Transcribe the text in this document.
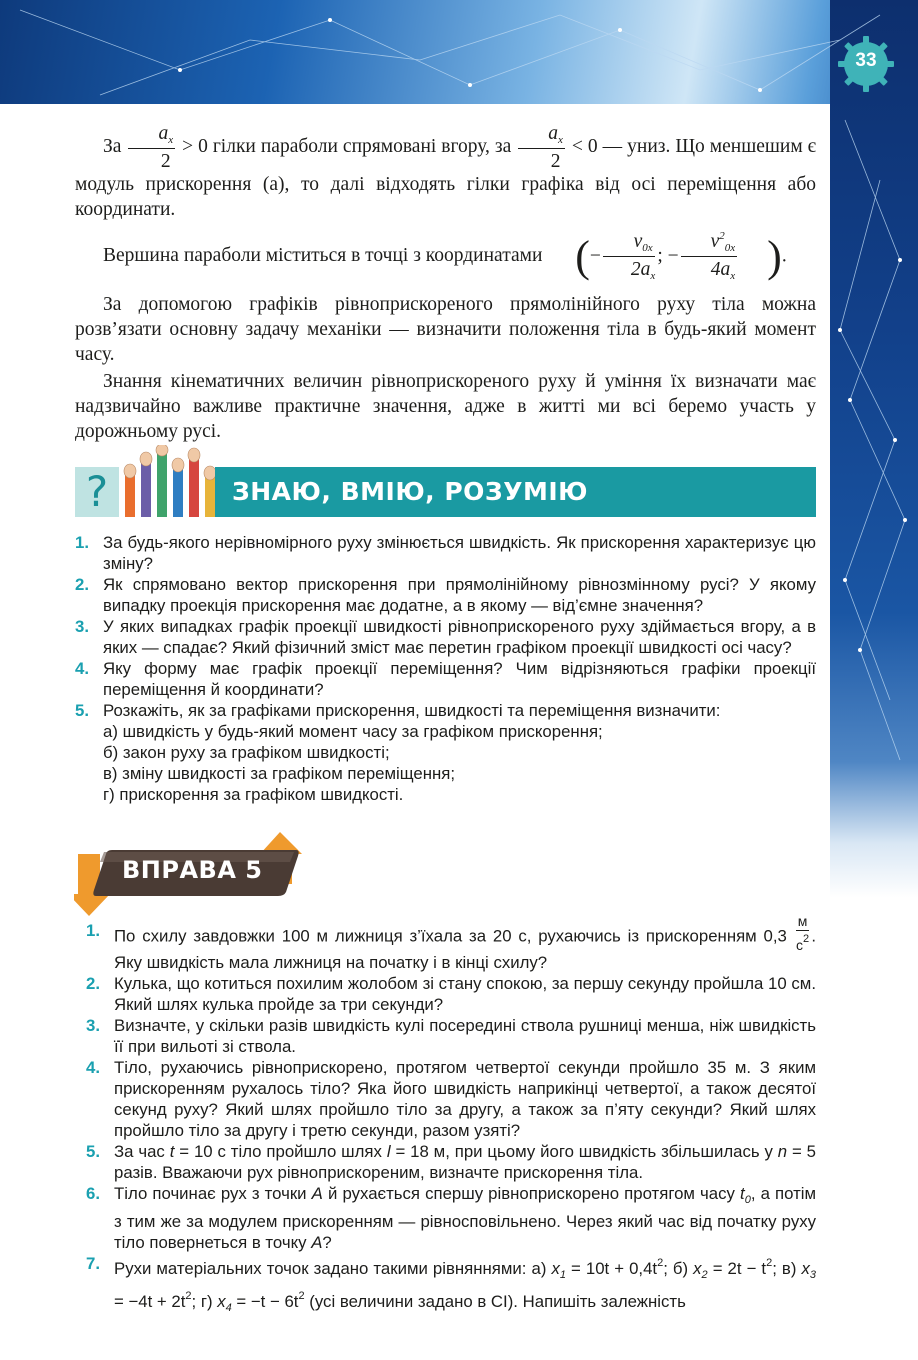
33
За $\frac{a_x}{2} > 0$ гілки параболи спрямовані вгору, за $\frac{a_x}{2} < 0$ — униз. Що меншешим є модуль прискорення (a), то далі відходять гілки графіка від осі переміщення або координати.
Вершина параболи міститься в точці з координатами (− $\frac{v_{0x}}{2a_x}$ ; − $\frac{v^2_{0x}}{4a_x}$ ).
За допомогою графіків рівноприскореного прямолінійного руху тіла можна розв’язати основну задачу механіки — визначити положення тіла в будь-який момент часу.
Знання кінематичних величин рівноприскореного руху й уміння їх визначати має надзвичайно важливе практичне значення, адже в житті ми всі беремо участь у дорожньому русі.
?	ЗНАЮ, ВМІЮ, РОЗУМІЮ
1. За будь-якого нерівномірного руху змінюється швидкість. Як прискорення характеризує цю зміну?
2. Як спрямовано вектор прискорення при прямолінійному рівнозмінному русі? У якому випадку проекція прискорення має додатне, а в якому — від’ємне значення?
3. У яких випадках графік проекції швидкості рівноприскореного руху здіймається вгору, а в яких — спадає? Який фізичний зміст має перетин графіком проекції швидкості осі часу?
4. Яку форму має графік проекції переміщення? Чим відрізняються графіки проекції переміщення й координати?
5. Розкажіть, як за графіками прискорення, швидкості та переміщення визначити:
а) швидкість у будь-який момент часу за графіком прискорення;
б) закон руху за графіком швидкості;
в) зміну швидкості за графіком переміщення;
г) прискорення за графіком швидкості.
ВПРАВА 5
1. По схилу завдовжки 100 м лижниця з’їхала за 20 с, рухаючись із прискоренням $0,3 \frac{м}{с^2}$ . Яку швидкість мала лижниця на початку і в кінці схилу?
2. Кулька, що котиться похилим жолобом зі стану спокою, за першу секунду пройшла 10 см. Який шлях кулька пройде за три секунди?
3. Визначте, у скільки разів швидкість кулі посередині ствола рушниці менша, ніж швидкість її при вильоті зі ствола.
4. Тіло, рухаючись рівноприскорено, протягом четвертої секунди пройшло 35 м. З яким прискоренням рухалось тіло? Яка його швидкість наприкінці четвертої, а також десятої секунд руху? Який шлях пройшло тіло за другу, а також за п’яту секунди? Який шлях пройшло тіло за другу і третю секунди, разом узяті?
5. За час t = 10 с тіло пройшло шлях l = 18 м, при цьому його швидкість збільшилась у n = 5 разів. Вважаючи рух рівноприскореним, визначте прискорення тіла.
6. Тіло починає рух з точки A й рухається спершу рівноприскорено протягом часу $t_0$, а потім з тим же за модулем прискоренням — рівносповільнено. Через який час від початку руху тіло повернеться в точку A?
7. Рухи матеріальних точок задано такими рівняннями: а) $x_1 = 10t + 0,4t^2$; б) $x_2 = 2t - t^2$; в) $x_3 = -4t + 2t^2$; г) $x_4 = -t - 6t^2$ (усі величини задано в СІ). Напишіть залежність
